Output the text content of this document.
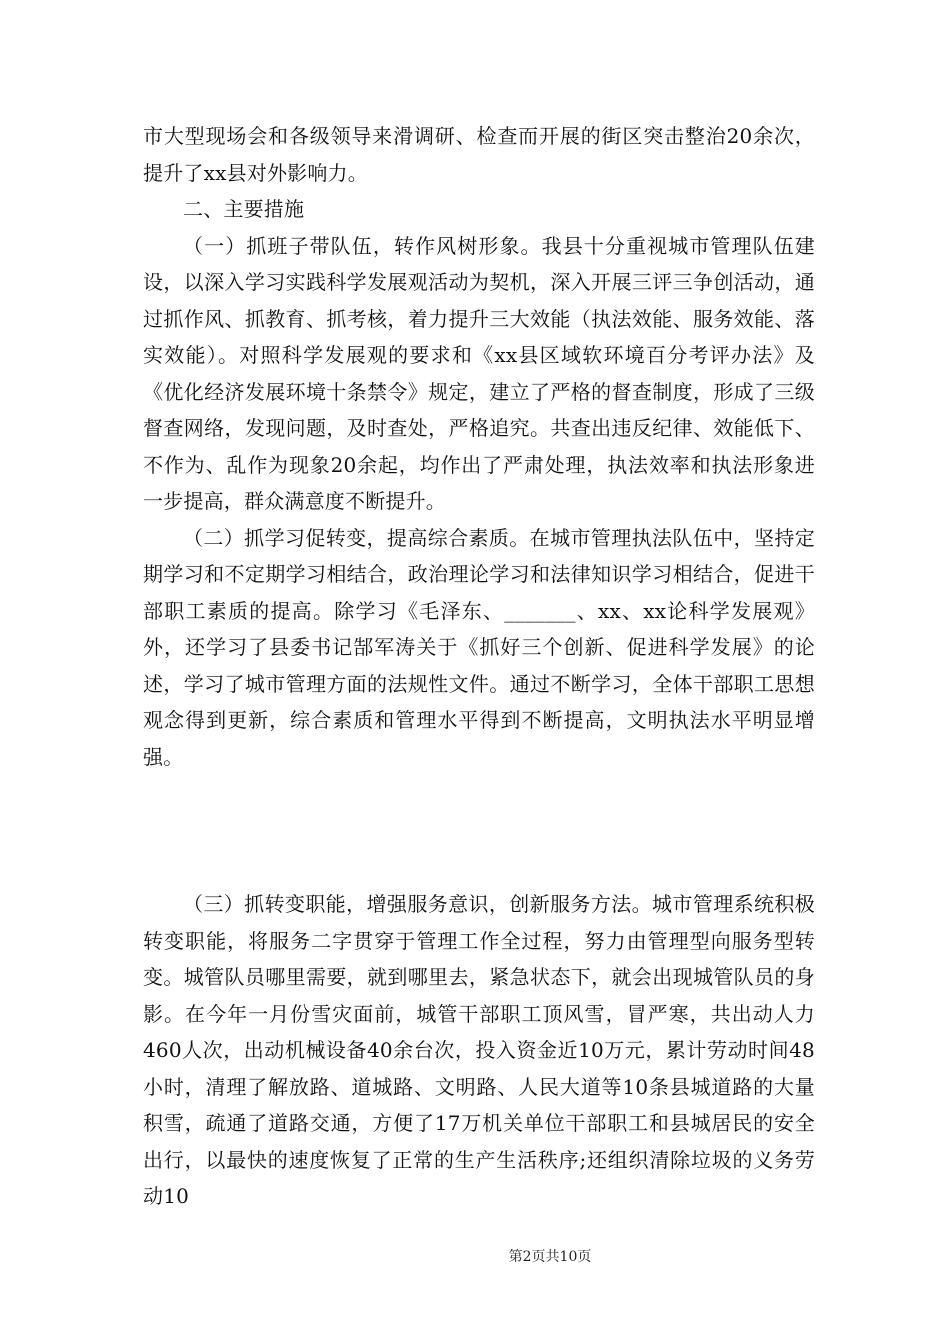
市大型现场会和各级领导来滑调研、检查而开展的街区突击整治20余次，提升了xx县对外影响力。

二、主要措施

（一）抓班子带队伍，转作风树形象。我县十分重视城市管理队伍建设，以深入学习实践科学发展观活动为契机，深入开展三评三争创活动，通过抓作风、抓教育、抓考核，着力提升三大效能（执法效能、服务效能、落实效能）。对照科学发展观的要求和《xx县区域软环境百分考评办法》及《优化经济发展环境十条禁令》规定，建立了严格的督查制度，形成了三级督查网络，发现问题，及时查处，严格追究。共查出违反纪律、效能低下、不作为、乱作为现象20余起，均作出了严肃处理，执法效率和执法形象进一步提高，群众满意度不断提升。

（二）抓学习促转变，提高综合素质。在城市管理执法队伍中，坚持定期学习和不定期学习相结合，政治理论学习和法律知识学习相结合，促进干部职工素质的提高。除学习《毛泽东、_______、xx、xx论科学发展观》外，还学习了县委书记郜军涛关于《抓好三个创新、促进科学发展》的论述，学习了城市管理方面的法规性文件。通过不断学习，全体干部职工思想观念得到更新，综合素质和管理水平得到不断提高，文明执法水平明显增强。

（三）抓转变职能，增强服务意识，创新服务方法。城市管理系统积极转变职能，将服务二字贯穿于管理工作全过程，努力由管理型向服务型转变。城管队员哪里需要，就到哪里去，紧急状态下，就会出现城管队员的身影。在今年一月份雪灾面前，城管干部职工顶风雪，冒严寒，共出动人力460人次，出动机械设备40余台次，投入资金近10万元，累计劳动时间48小时，清理了解放路、道城路、文明路、人民大道等10条县城道路的大量积雪，疏通了道路交通，方便了17万机关单位干部职工和县城居民的安全出行，以最快的速度恢复了正常的生产生活秩序;还组织清除垃圾的义务劳动10

第2页共10页
